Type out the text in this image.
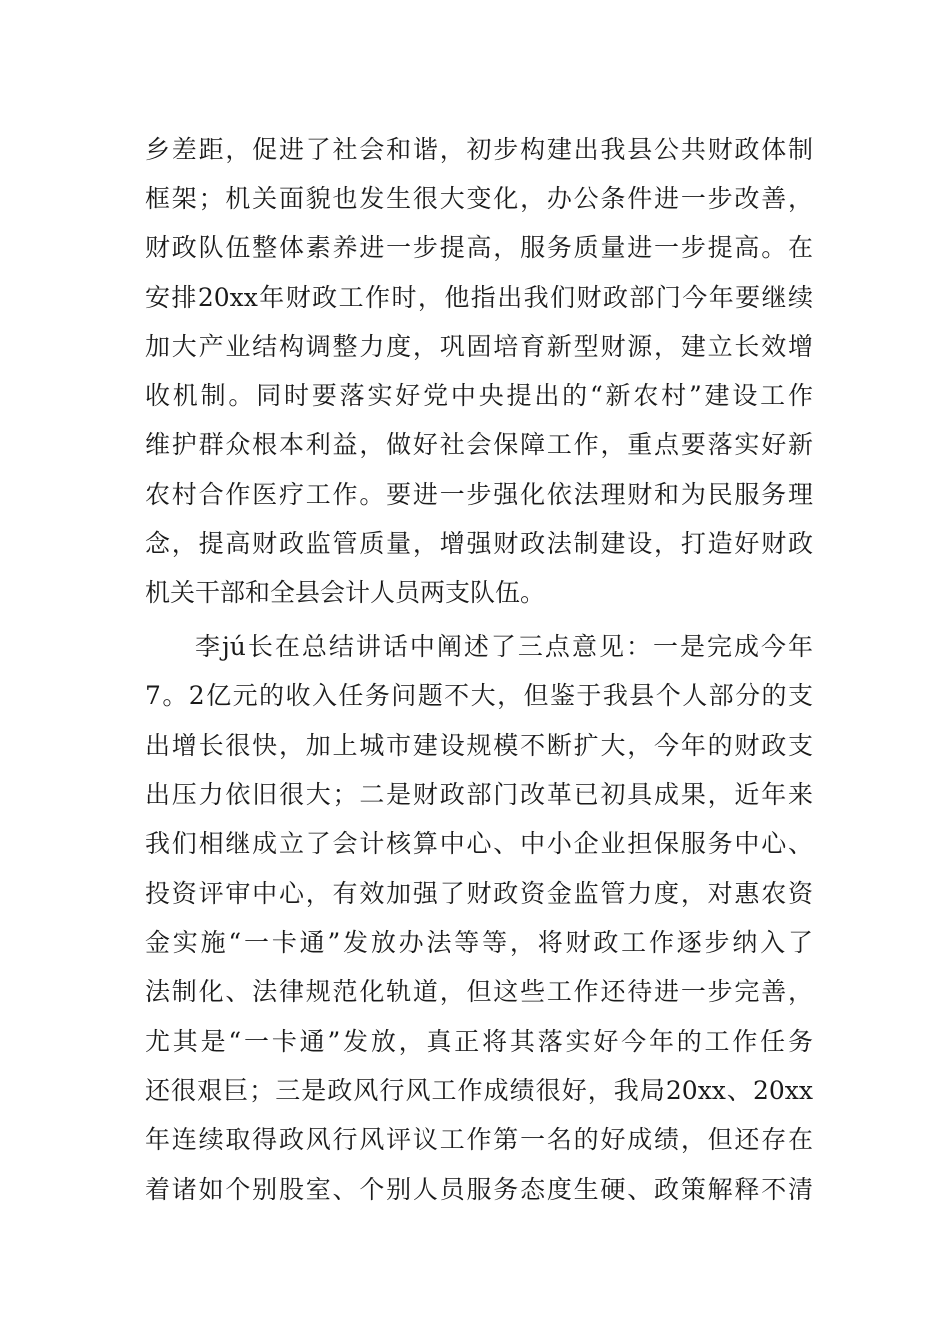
乡差距，促进了社会和谐，初步构建出我县公共财政体制
框架；机关面貌也发生很大变化，办公条件进一步改善，
财政队伍整体素养进一步提高，服务质量进一步提高。在
安排20xx年财政工作时，他指出我们财政部门今年要继续
加大产业结构调整力度，巩固培育新型财源，建立长效增
收机制。同时要落实好党中央提出的“新农村”建设工作
维护群众根本利益，做好社会保障工作，重点要落实好新
农村合作医疗工作。要进一步强化依法理财和为民服务理
念，提高财政监管质量，增强财政法制建设，打造好财政
机关干部和全县会计人员两支队伍。
李jú长在总结讲话中阐述了三点意见：一是完成今年
7。2亿元的收入任务问题不大，但鉴于我县个人部分的支
出增长很快，加上城市建设规模不断扩大，今年的财政支
出压力依旧很大；二是财政部门改革已初具成果，近年来
我们相继成立了会计核算中心、中小企业担保服务中心、
投资评审中心，有效加强了财政资金监管力度，对惠农资
金实施“一卡通”发放办法等等，将财政工作逐步纳入了
法制化、法律规范化轨道，但这些工作还待进一步完善，
尤其是“一卡通”发放，真正将其落实好今年的工作任务
还很艰巨；三是政风行风工作成绩很好，我局20xx、20xx
年连续取得政风行风评议工作第一名的好成绩，但还存在
着诸如个别股室、个别人员服务态度生硬、政策解释不清
